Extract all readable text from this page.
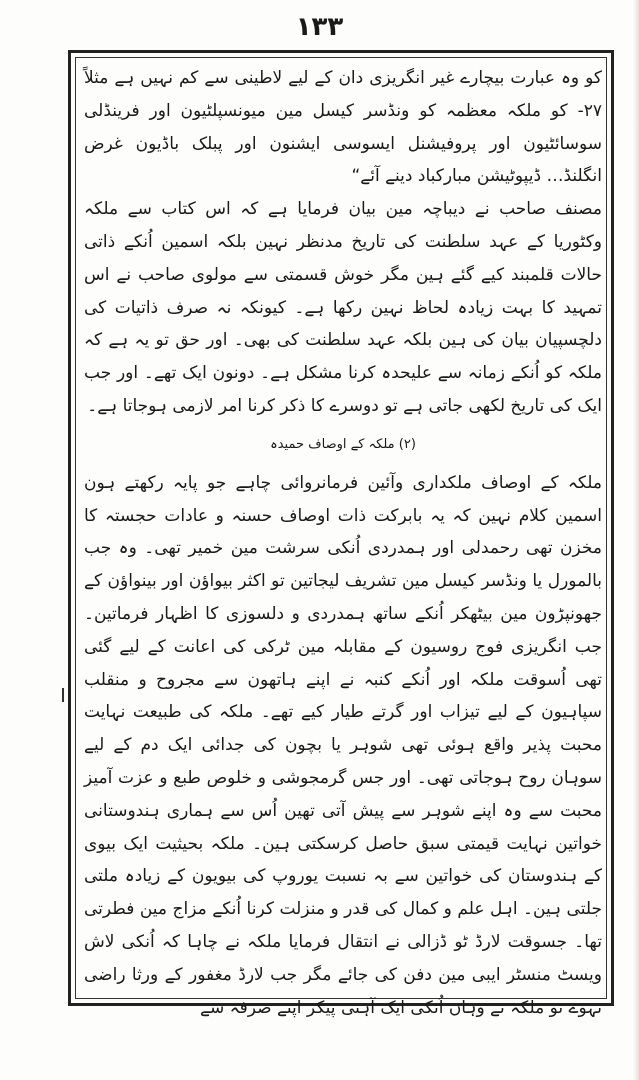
۱۳۳

کو وہ عبارت بیچارے غیر انگریزی دان کے لیے لاطینی سے کم نہیں ہے مثلاً ۲۷- کو ملکہ معظمہ کو ونڈسر کیسل مین میونسپلٹیون اور فرینڈلی سوسائٹیون اور پروفیشنل ایسوسی ایشنون اور پبلک باڈیون غرض انگلنڈ… ڈیپوٹیشن مبارکباد دینے آئے“

مصنف صاحب نے دیباچہ مین بیان فرمایا ہے کہ اس کتاب سے ملکہ وکٹوریا کے عہد سلطنت کی تاریخ مدنظر نہین بلکہ اسمین اُنکے ذاتی حالات قلمبند کیے گئے ہین مگر خوش قسمتی سے مولوی صاحب نے اس تمہید کا بہت زیادہ لحاظ نہین رکھا ہے۔ کیونکہ نہ صرف ذاتیات کی دلچسپیان بیان کی ہین بلکہ عہد سلطنت کی بھی۔ اور حق تو یہ ہے کہ ملکہ کو اُنکے زمانہ سے علیحدہ کرنا مشکل ہے۔ دونون ایک تھے۔ اور جب ایک کی تاریخ لکھی جاتی ہے تو دوسرے کا ذکر کرنا امر لازمی ہوجاتا ہے۔

(۲) ملکہ کے اوصاف حمیدہ

ملکہ کے اوصاف ملکداری وآئین فرمانروائی چاہے جو پایہ رکھتے ہون اسمین کلام نہین کہ یہ بابرکت ذات اوصاف حسنہ و عادات حجستہ کا مخزن تھی رحمدلی اور ہمدردی اُنکی سرشت مین خمیر تھی۔ وہ جب بالمورل یا ونڈسر کیسل مین تشریف لیجاتین تو اکثر بیواؤن اور بینواؤن کے جھونپڑون مین بیٹھکر اُنکے ساتھ ہمدردی و دلسوزی کا اظہار فرماتین۔ جب انگریزی فوج روسیون کے مقابلہ مین ٹرکی کی اعانت کے لیے گئی تھی اُسوقت ملکہ اور اُنکے کنبہ نے اپنے ہاتھون سے مجروح و منقلب سپاہیون کے لیے تیزاب اور گرتے طیار کیے تھے۔ ملکہ کی طبیعت نہایت محبت پذیر واقع ہوئی تھی شوہر یا بچون کی جدائی ایک دم کے لیے سوہان روح ہوجاتی تھی۔ اور جس گرمجوشی و خلوص طبع و عزت آمیز محبت سے وہ اپنے شوہر سے پیش آتی تھین اُس سے ہماری ہندوستانی خواتین نہایت قیمتی سبق حاصل کرسکتی ہین۔ ملکہ بحیثیت ایک بیوی کے ہندوستان کی خواتین سے بہ نسبت یوروپ کی بیویون کے زیادہ ملتی جلتی ہین۔ اہل علم و کمال کی قدر و منزلت کرنا اُنکے مزاج مین فطرتی تھا۔ جسوقت لارڈ ٹو ڈزالی نے انتقال فرمایا ملکہ نے چاہا کہ اُنکی لاش ویسٹ منسٹر ایبی مین دفن کی جائے مگر جب لارڈ مغفور کے ورثا راضی نہوے تو ملکہ نے وہان اُنکی ایک آہنی پیکر اپنے صرفہ سے
